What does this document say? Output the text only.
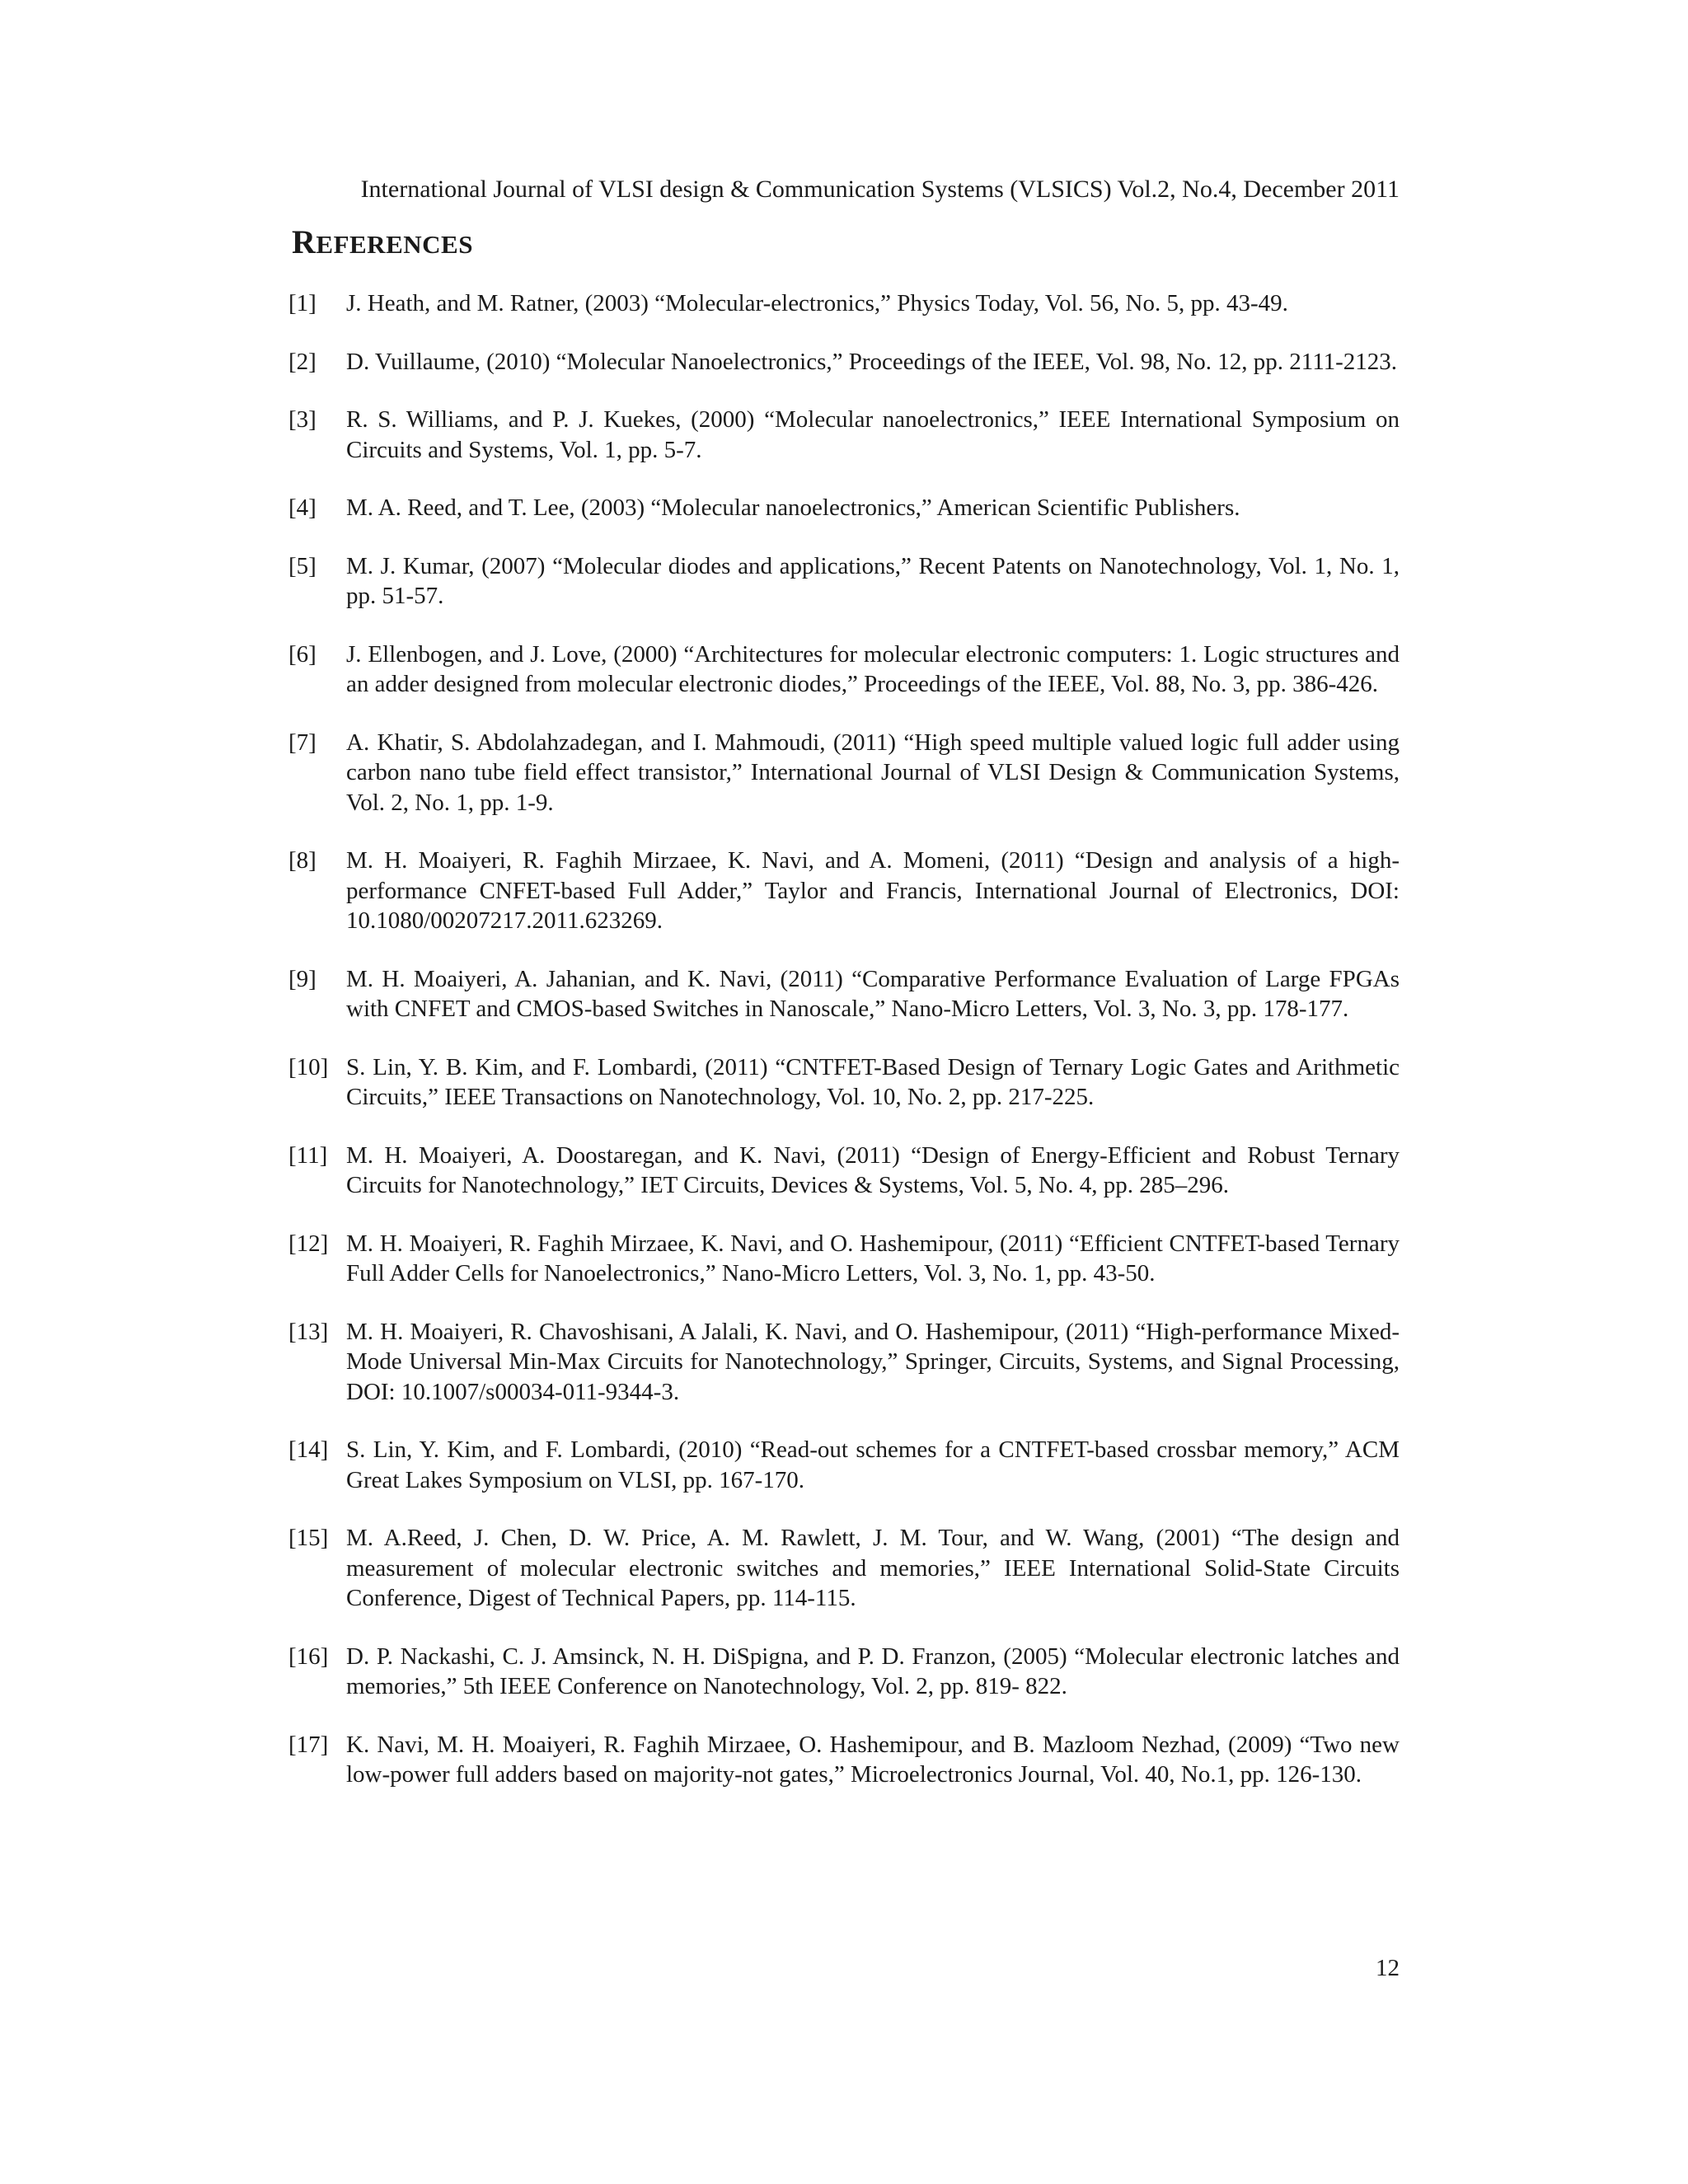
International Journal of VLSI design & Communication Systems (VLSICS) Vol.2, No.4, December 2011
REFERENCES
[1] J. Heath, and M. Ratner, (2003) “Molecular-electronics,” Physics Today, Vol. 56, No. 5, pp. 43-49.
[2] D. Vuillaume, (2010) “Molecular Nanoelectronics,” Proceedings of the IEEE, Vol. 98, No. 12, pp. 2111-2123.
[3] R. S. Williams, and P. J. Kuekes, (2000) “Molecular nanoelectronics,” IEEE International Symposium on Circuits and Systems, Vol. 1, pp. 5-7.
[4] M. A. Reed, and T. Lee, (2003) “Molecular nanoelectronics,” American Scientific Publishers.
[5] M. J. Kumar, (2007) “Molecular diodes and applications,” Recent Patents on Nanotechnology, Vol. 1, No. 1, pp. 51-57.
[6] J. Ellenbogen, and J. Love, (2000) “Architectures for molecular electronic computers: 1. Logic structures and an adder designed from molecular electronic diodes,” Proceedings of the IEEE, Vol. 88, No. 3, pp. 386-426.
[7] A. Khatir, S. Abdolahzadegan, and I. Mahmoudi, (2011) “High speed multiple valued logic full adder using carbon nano tube field effect transistor,” International Journal of VLSI Design & Communication Systems, Vol. 2, No. 1, pp. 1-9.
[8] M. H. Moaiyeri, R. Faghih Mirzaee, K. Navi, and A. Momeni, (2011) “Design and analysis of a high-performance CNFET-based Full Adder,” Taylor and Francis, International Journal of Electronics, DOI: 10.1080/00207217.2011.623269.
[9] M. H. Moaiyeri, A. Jahanian, and K. Navi, (2011) “Comparative Performance Evaluation of Large FPGAs with CNFET and CMOS-based Switches in Nanoscale,” Nano-Micro Letters, Vol. 3, No. 3, pp. 178-177.
[10] S. Lin, Y. B. Kim, and F. Lombardi, (2011) “CNTFET-Based Design of Ternary Logic Gates and Arithmetic Circuits,” IEEE Transactions on Nanotechnology, Vol. 10, No. 2, pp. 217-225.
[11] M. H. Moaiyeri, A. Doostaregan, and K. Navi, (2011) “Design of Energy-Efficient and Robust Ternary Circuits for Nanotechnology,” IET Circuits, Devices & Systems, Vol. 5, No. 4, pp. 285–296.
[12] M. H. Moaiyeri, R. Faghih Mirzaee, K. Navi, and O. Hashemipour, (2011) “Efficient CNTFET-based Ternary Full Adder Cells for Nanoelectronics,” Nano-Micro Letters, Vol. 3, No. 1, pp. 43-50.
[13] M. H. Moaiyeri, R. Chavoshisani, A Jalali, K. Navi, and O. Hashemipour, (2011) “High-performance Mixed-Mode Universal Min-Max Circuits for Nanotechnology,” Springer, Circuits, Systems, and Signal Processing, DOI: 10.1007/s00034-011-9344-3.
[14] S. Lin, Y. Kim, and F. Lombardi, (2010) “Read-out schemes for a CNTFET-based crossbar memory,” ACM Great Lakes Symposium on VLSI, pp. 167-170.
[15] M. A.Reed, J. Chen, D. W. Price, A. M. Rawlett, J. M. Tour, and W. Wang, (2001) “The design and measurement of molecular electronic switches and memories,” IEEE International Solid-State Circuits Conference, Digest of Technical Papers, pp. 114-115.
[16] D. P. Nackashi, C. J. Amsinck, N. H. DiSpigna, and P. D. Franzon, (2005) “Molecular electronic latches and memories,” 5th IEEE Conference on Nanotechnology, Vol. 2, pp. 819- 822.
[17] K. Navi, M. H. Moaiyeri, R. Faghih Mirzaee, O. Hashemipour, and B. Mazloom Nezhad, (2009) “Two new low-power full adders based on majority-not gates,” Microelectronics Journal, Vol. 40, No.1, pp. 126-130.
12
